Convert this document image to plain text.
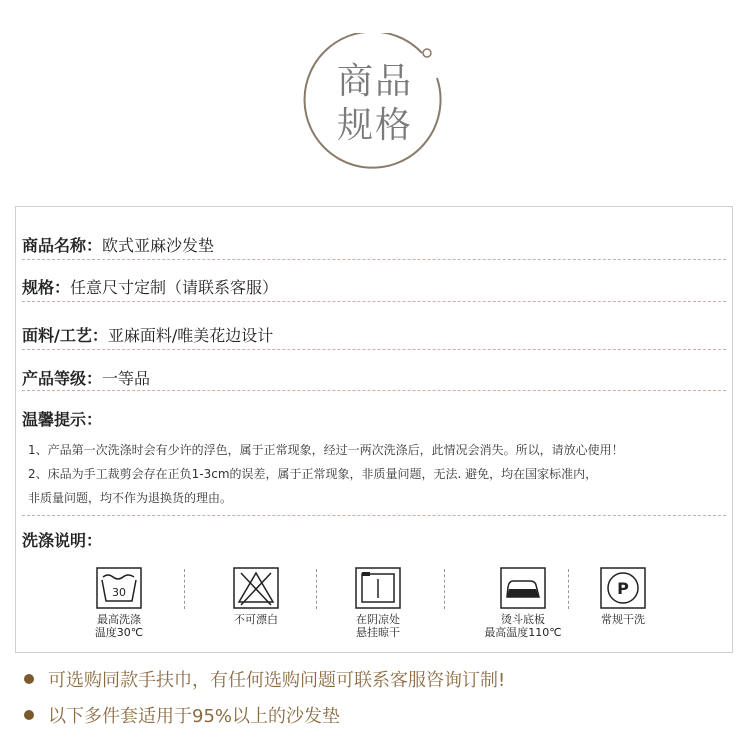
商品
规格
商品名称：欧式亚麻沙发垫
规格：任意尺寸定制（请联系客服）
面料/工艺：亚麻面料/唯美花边设计
产品等级：一等品
温馨提示：
1、产品第一次洗涤时会有少许的浮色，属于正常现象，经过一两次洗涤后，此情况会消失。所以，请放心使用！
2、床品为手工裁剪会存在正负1-3cm的误差，属于正常现象，非质量问题，无法. 避免，均在国家标准内，
非质量问题，均不作为退换货的理由。
洗涤说明：
30
最高洗涤
温度30℃
不可漂白	在阴凉处
悬挂晾干
烫斗底板
最高温度110℃
P
常规干洗
可选购同款手扶巾，有任何选购问题可联系客服咨询订制!
以下多件套适用于95%以上的沙发垫
